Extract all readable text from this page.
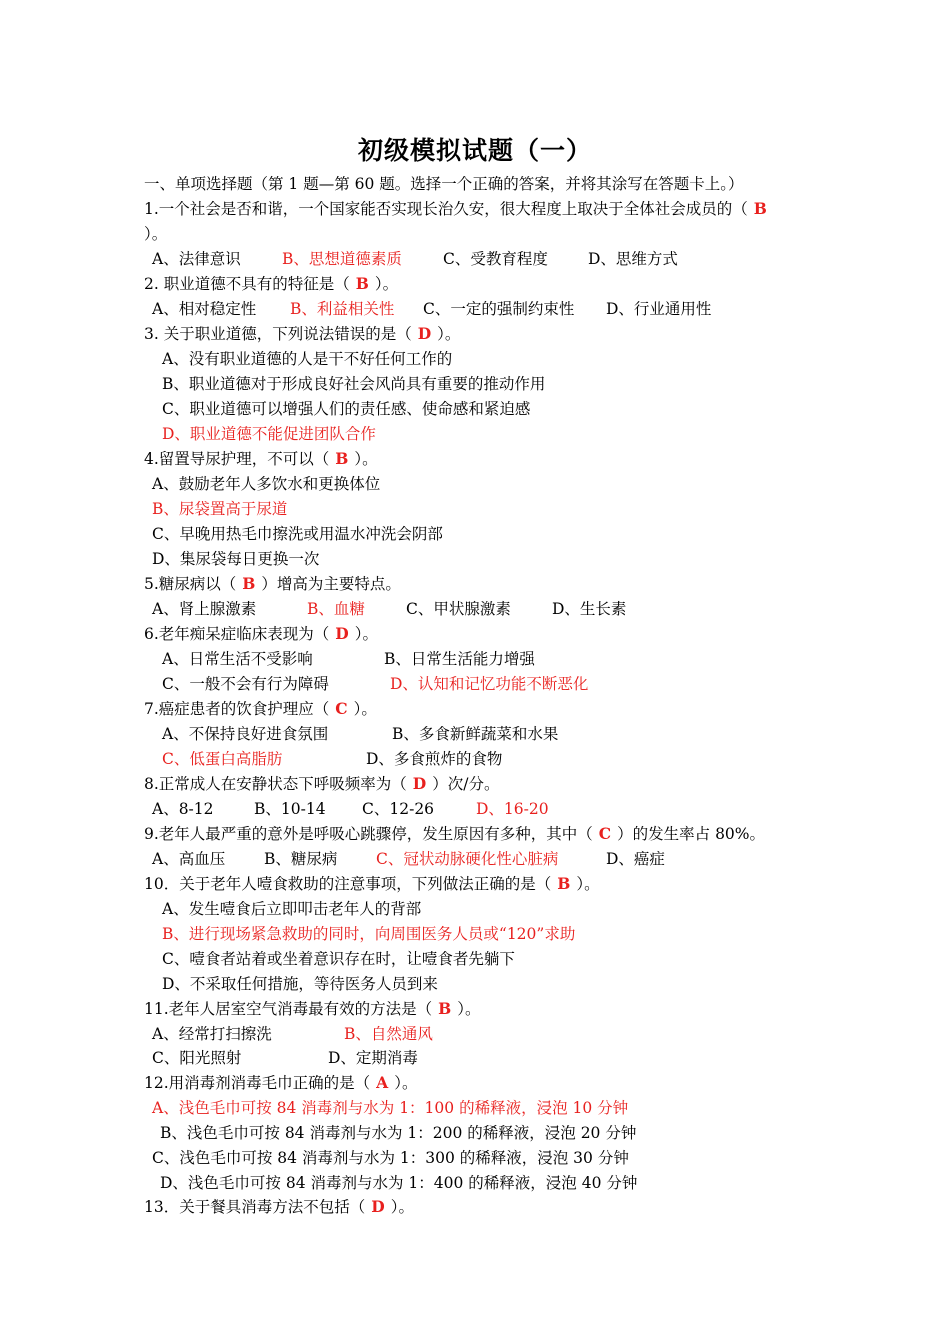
初级模拟试题（一）
一、单项选择题（第 1 题—第 60 题。选择一个正确的答案，并将其涂写在答题卡上。）
1.一个社会是否和谐，一个国家能否实现长治久安，很大程度上取决于全体社会成员的（ B
）。
A、法律意识	B、思想道德素质	C、受教育程度	D、思维方式
2. 职业道德不具有的特征是（ B ）。
A、相对稳定性 B、利益相关性 C、一定的强制约束性 D、行业通用性
3. 关于职业道德，下列说法错误的是（ D ）。
A、没有职业道德的人是干不好任何工作的
B、职业道德对于形成良好社会风尚具有重要的推动作用
C、职业道德可以增强人们的责任感、使命感和紧迫感
D、职业道德不能促进团队合作
4.留置导尿护理，不可以（ B ）。
A、鼓励老年人多饮水和更换体位
B、尿袋置高于尿道
C、早晚用热毛巾擦洗或用温水冲洗会阴部
D、集尿袋每日更换一次
5.糖尿病以（ B ）增高为主要特点。
A、肾上腺激素	B、血糖	C、甲状腺激素	D、生长素
6.老年痴呆症临床表现为（ D ）。
A、日常生活不受影响	B、日常生活能力增强
C、一般不会有行为障碍	D、认知和记忆功能不断恶化
7.癌症患者的饮食护理应（ C ）。
A、不保持良好进食氛围	B、多食新鲜蔬菜和水果
C、低蛋白高脂肪	D、多食煎炸的食物
8.正常成人在安静状态下呼吸频率为（ D ）次/分。
A、8-12	B、10-14 C、12-26	D、16-20
9.老年人最严重的意外是呼吸心跳骤停，发生原因有多种，其中（ C ）的发生率占 80%。
A、高血压	B、糖尿病 C、冠状动脉硬化性心脏病	D、癌症
10．关于老年人噎食救助的注意事项，下列做法正确的是（ B ）。
A、发生噎食后立即叩击老年人的背部
B、进行现场紧急救助的同时，向周围医务人员或“120”求助
C、噎食者站着或坐着意识存在时，让噎食者先躺下
D、不采取任何措施，等待医务人员到来
11.老年人居室空气消毒最有效的方法是（ B ）。
A、经常打扫擦洗	B、自然通风
C、阳光照射	D、定期消毒
12.用消毒剂消毒毛巾正确的是（ A ）。
A、浅色毛巾可按 84 消毒剂与水为 1：100 的稀释液，浸泡 10 分钟
B、浅色毛巾可按 84 消毒剂与水为 1：200 的稀释液，浸泡 20 分钟
C、浅色毛巾可按 84 消毒剂与水为 1：300 的稀释液，浸泡 30 分钟
D、浅色毛巾可按 84 消毒剂与水为 1：400 的稀释液，浸泡 40 分钟
13．关于餐具消毒方法不包括（ D ）。
